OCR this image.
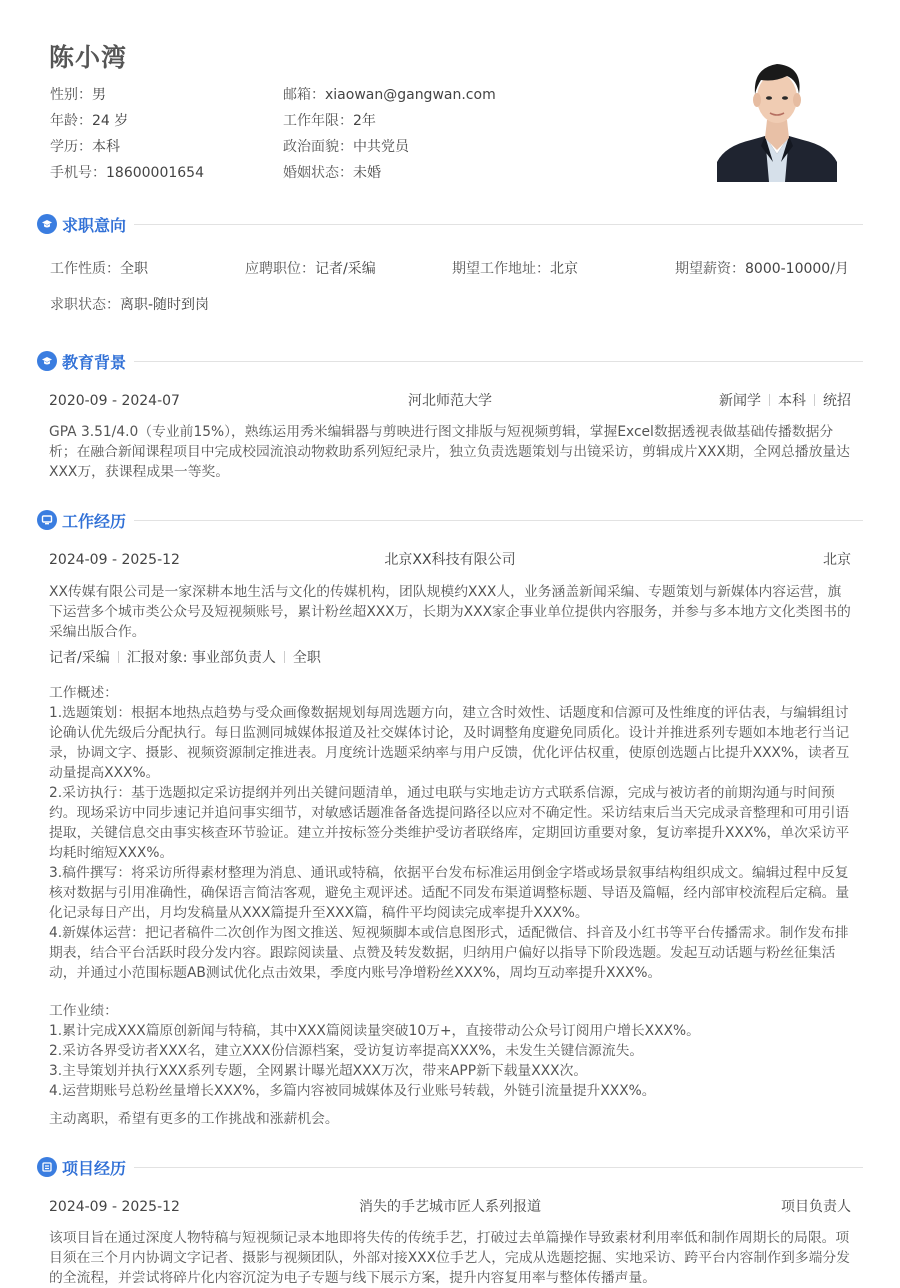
陈小湾
性别：男
年龄：24 岁
学历：本科
手机号：18600001654
邮箱：xiaowan@gangwan.com
工作年限：2年
政治面貌：中共党员
婚姻状态：未婚
求职意向
工作性质：全职	应聘职位：记者/采编	期望工作地址：北京	期望薪资：8000-10000/月
求职状态：离职-随时到岗
教育背景
2020-09 - 2024-07	河北师范大学	新闻学 本科 统招
GPA 3.51/4.0（专业前15%），熟练运用秀米编辑器与剪映进行图文排版与短视频剪辑，掌握Excel数据透视表做基础传播数据分析；在融合新闻课程项目中完成校园流浪动物救助系列短纪录片，独立负责选题策划与出镜采访，剪辑成片XXX期，全网总播放量达XXX万，获课程成果一等奖。
工作经历
2024-09 - 2025-12	北京XX科技有限公司	北京
XX传媒有限公司是一家深耕本地生活与文化的传媒机构，团队规模约XXX人，业务涵盖新闻采编、专题策划与新媒体内容运营，旗下运营多个城市类公众号及短视频账号，累计粉丝超XXX万，长期为XXX家企事业单位提供内容服务，并参与多本地方文化类图书的采编出版合作。
记者/采编 汇报对象: 事业部负责人 全职
工作概述：
1.选题策划：根据本地热点趋势与受众画像数据规划每周选题方向，建立含时效性、话题度和信源可及性维度的评估表，与编辑组讨论确认优先级后分配执行。每日监测同城媒体报道及社交媒体讨论，及时调整角度避免同质化。设计并推进系列专题如本地老行当记录，协调文字、摄影、视频资源制定推进表。月度统计选题采纳率与用户反馈，优化评估权重，使原创选题占比提升XXX%，读者互动量提高XXX%。
2.采访执行：基于选题拟定采访提纲并列出关键问题清单，通过电联与实地走访方式联系信源，完成与被访者的前期沟通与时间预约。现场采访中同步速记并追问事实细节，对敏感话题准备备选提问路径以应对不确定性。采访结束后当天完成录音整理和可用引语提取，关键信息交由事实核查环节验证。建立并按标签分类维护受访者联络库，定期回访重要对象，复访率提升XXX%，单次采访平均耗时缩短XXX%。
3.稿件撰写：将采访所得素材整理为消息、通讯或特稿，依据平台发布标准运用倒金字塔或场景叙事结构组织成文。编辑过程中反复核对数据与引用准确性，确保语言简洁客观，避免主观评述。适配不同发布渠道调整标题、导语及篇幅，经内部审校流程后定稿。量化记录每日产出，月均发稿量从XXX篇提升至XXX篇，稿件平均阅读完成率提升XXX%。
4.新媒体运营：把记者稿件二次创作为图文推送、短视频脚本或信息图形式，适配微信、抖音及小红书等平台传播需求。制作发布排期表，结合平台活跃时段分发内容。跟踪阅读量、点赞及转发数据，归纳用户偏好以指导下阶段选题。发起互动话题与粉丝征集活动，并通过小范围标题AB测试优化点击效果，季度内账号净增粉丝XXX%，周均互动率提升XXX%。
工作业绩：
1.累计完成XXX篇原创新闻与特稿，其中XXX篇阅读量突破10万+，直接带动公众号订阅用户增长XXX%。
2.采访各界受访者XXX名，建立XXX份信源档案，受访复访率提高XXX%，未发生关键信源流失。
3.主导策划并执行XXX系列专题，全网累计曝光超XXX万次，带来APP新下载量XXX次。
4.运营期账号总粉丝量增长XXX%，多篇内容被同城媒体及行业账号转载，外链引流量提升XXX%。
主动离职，希望有更多的工作挑战和涨薪机会。
项目经历
2024-09 - 2025-12	消失的手艺城市匠人系列报道	项目负责人
该项目旨在通过深度人物特稿与短视频记录本地即将失传的传统手艺，打破过去单篇操作导致素材利用率低和制作周期长的局限。项目须在三个月内协调文字记者、摄影与视频团队，外部对接XXX位手艺人，完成从选题挖掘、实地采访、跨平台内容制作到多端分发的全流程，并尝试将碎片化内容沉淀为电子专题与线下展示方案，提升内容复用率与整体传播声量。
